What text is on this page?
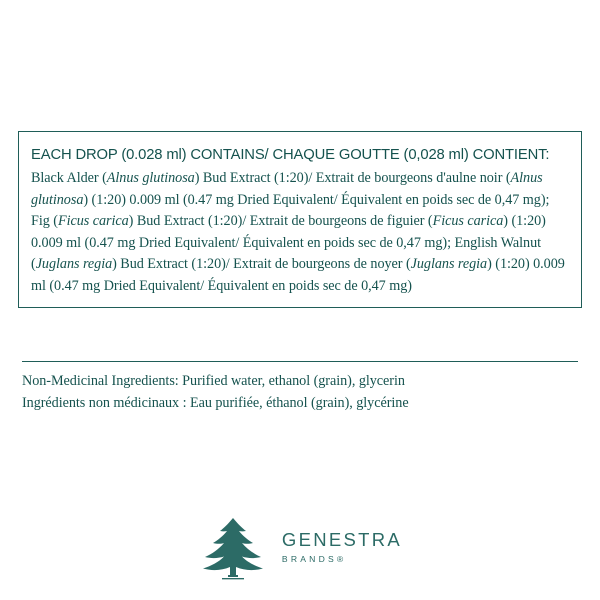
EACH DROP (0.028 ml) CONTAINS/ CHAQUE GOUTTE (0,028 ml) CONTIENT:
Black Alder (Alnus glutinosa) Bud Extract (1:20)/ Extrait de bourgeons d'aulne noir (Alnus glutinosa) (1:20) 0.009 ml (0.47 mg Dried Equivalent/ Équivalent en poids sec de 0,47 mg); Fig (Ficus carica) Bud Extract (1:20)/ Extrait de bourgeons de figuier (Ficus carica) (1:20) 0.009 ml (0.47 mg Dried Equivalent/ Équivalent en poids sec de 0,47 mg); English Walnut (Juglans regia) Bud Extract (1:20)/ Extrait de bourgeons de noyer (Juglans regia) (1:20) 0.009 ml (0.47 mg Dried Equivalent/ Équivalent en poids sec de 0,47 mg)
Non-Medicinal Ingredients: Purified water, ethanol (grain), glycerin
Ingrédients non médicinaux : Eau purifiée, éthanol (grain), glycérine
GENESTRA
BRANDS®
